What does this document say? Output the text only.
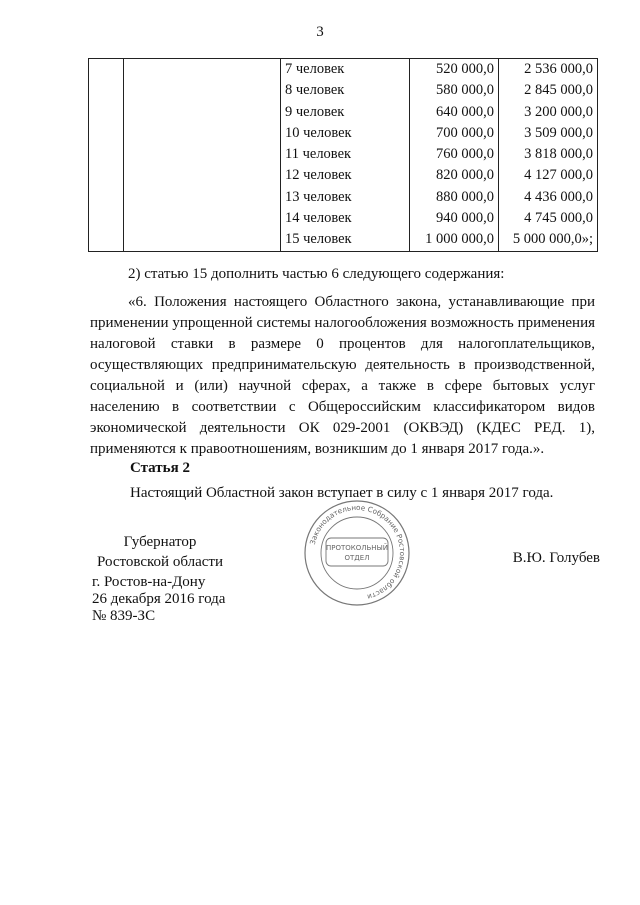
3
		7 человек	520 000,0	2 536 000,0
		8 человек	580 000,0	2 845 000,0
		9 человек	640 000,0	3 200 000,0
		10 человек	700 000,0	3 509 000,0
		11 человек	760 000,0	3 818 000,0
		12 человек	820 000,0	4 127 000,0
		13 человек	880 000,0	4 436 000,0
		14 человек	940 000,0	4 745 000,0
		15 человек	1 000 000,0	5 000 000,0»;
2) статью 15 дополнить частью 6 следующего содержания:
«6. Положения настоящего Областного закона, устанавливающие при применении упрощенной системы налогообложения возможность применения налоговой ставки в размере 0 процентов для налогоплательщиков, осуществляющих предпринимательскую деятельность в производственной, социальной и (или) научной сферах, а также в сфере бытовых услуг населению в соответствии с Общероссийским классификатором видов экономической деятельности ОК 029-2001 (ОКВЭД) (КДЕС РЕД. 1), применяются к правоотношениям, возникшим до 1 января 2017 года.».
Статья 2
Настоящий Областной закон вступает в силу с 1 января 2017 года.
Губернатор
Ростовской области
Законодательное Собрание Ростовской области
ПРОТОКОЛЬНЫЙ
ОТДЕЛ	В.Ю. Голубев
г. Ростов-на-Дону
26 декабря 2016 года
№ 839-ЗС
